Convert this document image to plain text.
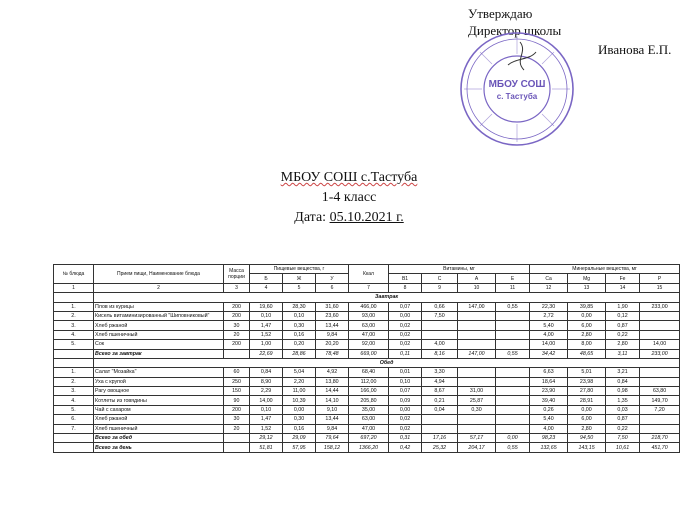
Утверждаю
Директор школы
Иванова Е.П.
МБОУ СОШ
с. Тастуба
МБОУ СОШ с.Тастуба
1-4 класс
Дата: 05.10.2021 г.
№ блюда	Прием пищи, Наименование блюда	Масса порции	Пищевые вещества, г			Ккал	Витамины, мг				Минеральные вещества, мг			
			Б	Ж	У		В1	С	А	Е	Са	Mg	Fe	P
1	2	3	4	5	6	7	8	9	10	11	12	13	14	15
	Завтрак													
1.	Плов из курицы	200	19,60	28,30	31,60	466,00	0,07	0,66	147,00	0,55	22,30	39,85	1,90	233,00
2.	Кисель витаминизированный "Шиповниковый"	200	0,10	0,10	23,60	93,00	0,00	7,50			2,72	0,00	0,12	
3.	Хлеб ржаной	30	1,47	0,30	13,44	63,00	0,02				5,40	6,00	0,87	
4.	Хлеб пшеничный	20	1,52	0,16	9,84	47,00	0,02				4,00	2,80	0,22	
5.	Сок	200	1,00	0,20	20,20	92,00	0,02	4,00			14,00	8,00	2,80	14,00
	Всего за завтрак		22,69	28,86	78,48	669,00	0,11	8,16	147,00	0,55	34,42	48,65	3,11	233,00
	Обед													
1.	Салат "Мозайка"	60	0,84	5,04	4,92	68,40	0,01	3,30			6,63	5,01	3,21	
2.	Уха с крупой	250	8,90	2,20	13,80	112,00	0,10	4,94			18,64	23,98	0,84	
3.	Рагу овощное	150	2,29	11,00	14,44	166,00	0,07	8,67	31,00		23,90	27,80	0,98	63,80
4.	Котлеты из говядины	90	14,00	10,39	14,10	205,80	0,09	0,21	25,87		39,40	28,91	1,35	149,70
5.	Чай с сахаром	200	0,10	0,00	9,10	35,00	0,00	0,04	0,30		0,26	0,00	0,03	7,20
6.	Хлеб ржаной	30	1,47	0,30	13,44	63,00	0,02				5,40	6,00	0,87	
7.	Хлеб пшеничный	20	1,52	0,16	9,84	47,00	0,02				4,00	2,80	0,22	
	Всего за обед		29,12	29,09	79,64	697,20	0,31	17,16	57,17	0,00	98,23	94,50	7,50	218,70
	Всего за день		51,81	57,95	158,12	1366,20	0,42	25,32	204,17	0,55	132,65	143,15	10,61	451,70
